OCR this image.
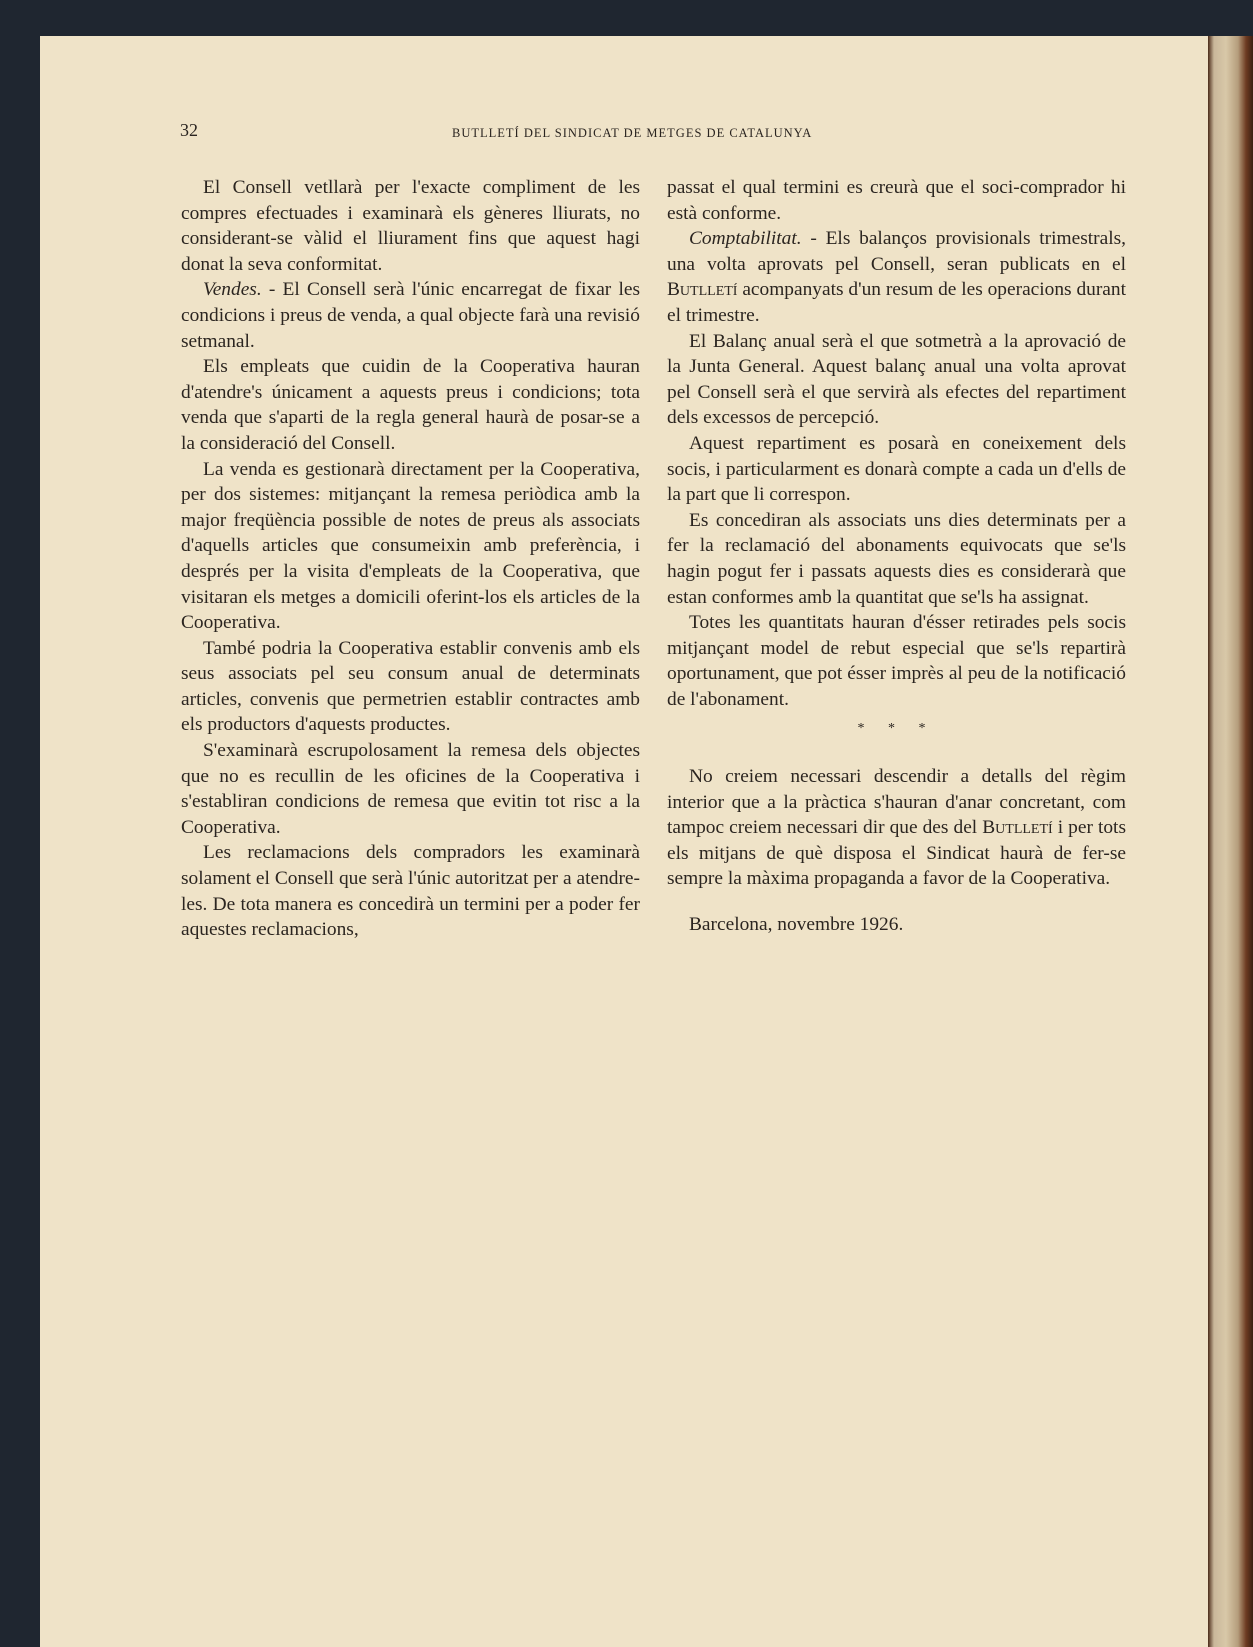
32	BUTLLETÍ DEL SINDICAT DE METGES DE CATALUNYA

El Consell vetllarà per l'exacte compliment de les compres efectuades i examinarà els gèneres lliurats, no considerant-se vàlid el lliurament fins que aquest hagi donat la seva conformitat.

Vendes. - El Consell serà l'únic encarregat de fixar les condicions i preus de venda, a qual objecte farà una revisió setmanal.

Els empleats que cuidin de la Cooperativa hauran d'atendre's únicament a aquests preus i condicions; tota venda que s'aparti de la regla general haurà de posar-se a la consideració del Consell.

La venda es gestionarà directament per la Cooperativa, per dos sistemes: mitjançant la remesa periòdica amb la major freqüència possible de notes de preus als associats d'aquells articles que consumeixin amb preferència, i després per la visita d'empleats de la Cooperativa, que visitaran els metges a domicili oferint-los els articles de la Cooperativa.

També podria la Cooperativa establir convenis amb els seus associats pel seu consum anual de determinats articles, convenis que permetrien establir contractes amb els productors d'aquests productes.

S'examinarà escrupolosament la remesa dels objectes que no es recullin de les oficines de la Cooperativa i s'establiran condicions de remesa que evitin tot risc a la Cooperativa.

Les reclamacions dels compradors les examinarà solament el Consell que serà l'únic autoritzat per a atendre-les. De tota manera es concedirà un termini per a poder fer aquestes reclamacions,

passat el qual termini es creurà que el soci-comprador hi està conforme.

Comptabilitat. - Els balanços provisionals trimestrals, una volta aprovats pel Consell, seran publicats en el Butlletí acompanyats d'un resum de les operacions durant el trimestre.

El Balanç anual serà el que sotmetrà a la aprovació de la Junta General. Aquest balanç anual una volta aprovat pel Consell serà el que servirà als efectes del repartiment dels excessos de percepció.

Aquest repartiment es posarà en coneixement dels socis, i particularment es donarà compte a cada un d'ells de la part que li correspon.

Es concediran als associats uns dies determinats per a fer la reclamació del abonaments equivocats que se'ls hagin pogut fer i passats aquests dies es considerarà que estan conformes amb la quantitat que se'ls ha assignat.

Totes les quantitats hauran d'ésser retirades pels socis mitjançant model de rebut especial que se'ls repartirà oportunament, que pot ésser imprès al peu de la notificació de l'abonament.

* * *

No creiem necessari descendir a detalls del règim interior que a la pràctica s'hauran d'anar concretant, com tampoc creiem necessari dir que des del Butlletí i per tots els mitjans de què disposa el Sindicat haurà de fer-se sempre la màxima propaganda a favor de la Cooperativa.

Barcelona, novembre 1926.
